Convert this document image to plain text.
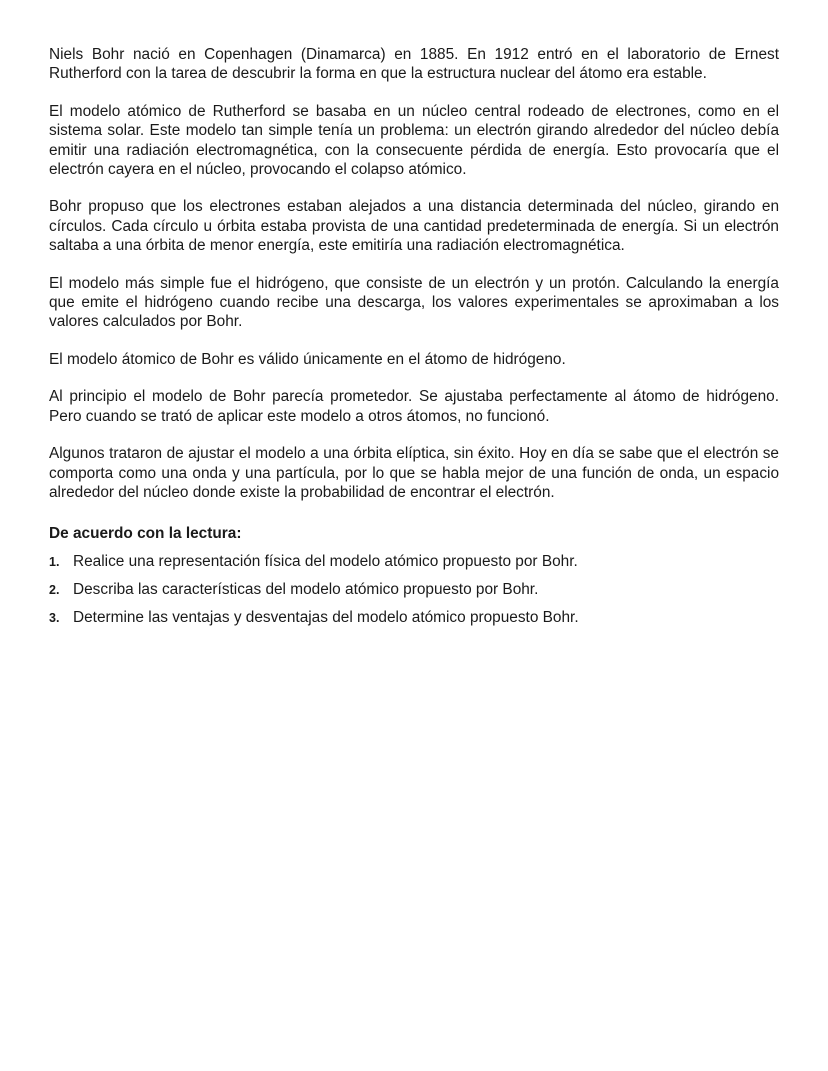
Niels Bohr nació en Copenhagen (Dinamarca) en 1885. En 1912 entró en el laboratorio de Ernest Rutherford con la tarea de descubrir la forma en que la estructura nuclear del átomo era estable.

El modelo atómico de Rutherford se basaba en un núcleo central rodeado de electrones, como en el sistema solar. Este modelo tan simple tenía un problema: un electrón girando alrededor del núcleo debía emitir una radiación electromagnética, con la consecuente pérdida de energía. Esto provocaría que el electrón cayera en el núcleo, provocando el colapso atómico.

Bohr propuso que los electrones estaban alejados a una distancia determinada del núcleo, girando en círculos. Cada círculo u órbita estaba provista de una cantidad predeterminada de energía. Si un electrón saltaba a una órbita de menor energía, este emitiría una radiación electromagnética.

El modelo más simple fue el hidrógeno, que consiste de un electrón y un protón. Calculando la energía que emite el hidrógeno cuando recibe una descarga, los valores experimentales se aproximaban a los valores calculados por Bohr.

El modelo átomico de Bohr es válido únicamente en el átomo de hidrógeno.

Al principio el modelo de Bohr parecía prometedor. Se ajustaba perfectamente al átomo de hidrógeno. Pero cuando se trató de aplicar este modelo a otros átomos, no funcionó.

Algunos trataron de ajustar el modelo a una órbita elíptica, sin éxito. Hoy en día se sabe que el electrón se comporta como una onda y una partícula, por lo que se habla mejor de una función de onda, un espacio alrededor del núcleo donde existe la probabilidad de encontrar el electrón.

De acuerdo con la lectura:
1. Realice una representación física del modelo atómico propuesto por Bohr.
2. Describa las características del modelo atómico propuesto por Bohr.
3. Determine las ventajas y desventajas del modelo atómico propuesto Bohr.
